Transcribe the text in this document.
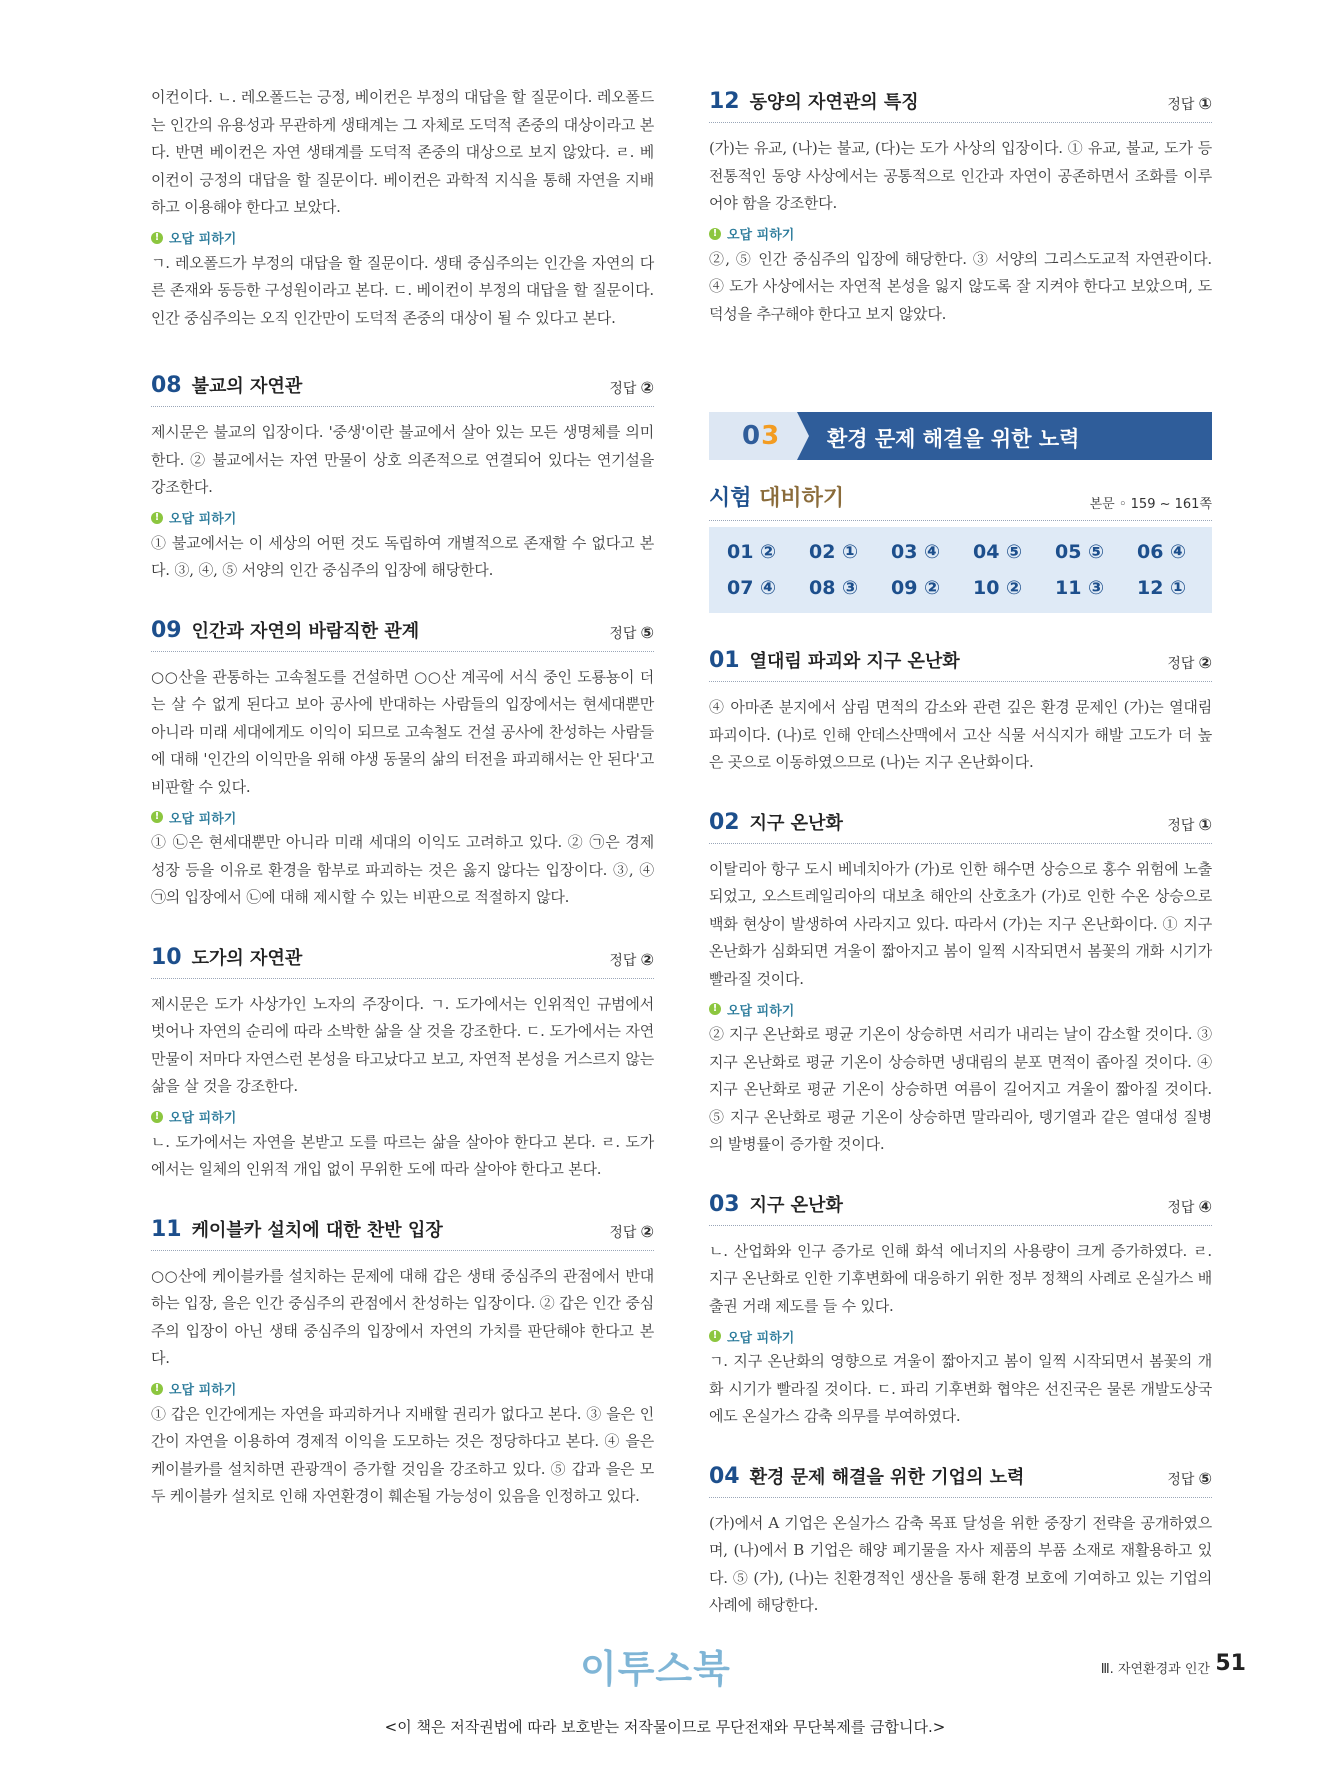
이컨이다. ㄴ. 레오폴드는 긍정, 베이컨은 부정의 대답을 할 질문이다. 레오폴드는 인간의 유용성과 무관하게 생태계는 그 자체로 도덕적 존중의 대상이라고 본다. 반면 베이컨은 자연 생태계를 도덕적 존중의 대상으로 보지 않았다. ㄹ. 베이컨이 긍정의 대답을 할 질문이다. 베이컨은 과학적 지식을 통해 자연을 지배하고 이용해야 한다고 보았다.

! 오답 피하기

ㄱ. 레오폴드가 부정의 대답을 할 질문이다. 생태 중심주의는 인간을 자연의 다른 존재와 동등한 구성원이라고 본다. ㄷ. 베이컨이 부정의 대답을 할 질문이다. 인간 중심주의는 오직 인간만이 도덕적 존중의 대상이 될 수 있다고 본다.

08 불교의 자연관	정답 ②

제시문은 불교의 입장이다. '중생'이란 불교에서 살아 있는 모든 생명체를 의미한다. ② 불교에서는 자연 만물이 상호 의존적으로 연결되어 있다는 연기설을 강조한다.

! 오답 피하기

① 불교에서는 이 세상의 어떤 것도 독립하여 개별적으로 존재할 수 없다고 본다. ③, ④, ⑤ 서양의 인간 중심주의 입장에 해당한다.

09 인간과 자연의 바람직한 관계	정답 ⑤

○○산을 관통하는 고속철도를 건설하면 ○○산 계곡에 서식 중인 도룡뇽이 더는 살 수 없게 된다고 보아 공사에 반대하는 사람들의 입장에서는 현세대뿐만 아니라 미래 세대에게도 이익이 되므로 고속철도 건설 공사에 찬성하는 사람들에 대해 '인간의 이익만을 위해 야생 동물의 삶의 터전을 파괴해서는 안 된다'고 비판할 수 있다.

! 오답 피하기

① ㉡은 현세대뿐만 아니라 미래 세대의 이익도 고려하고 있다. ② ㉠은 경제 성장 등을 이유로 환경을 함부로 파괴하는 것은 옳지 않다는 입장이다. ③, ④ ㉠의 입장에서 ㉡에 대해 제시할 수 있는 비판으로 적절하지 않다.

10 도가의 자연관	정답 ②

제시문은 도가 사상가인 노자의 주장이다. ㄱ. 도가에서는 인위적인 규범에서 벗어나 자연의 순리에 따라 소박한 삶을 살 것을 강조한다. ㄷ. 도가에서는 자연 만물이 저마다 자연스런 본성을 타고났다고 보고, 자연적 본성을 거스르지 않는 삶을 살 것을 강조한다.

! 오답 피하기

ㄴ. 도가에서는 자연을 본받고 도를 따르는 삶을 살아야 한다고 본다. ㄹ. 도가에서는 일체의 인위적 개입 없이 무위한 도에 따라 살아야 한다고 본다.

11 케이블카 설치에 대한 찬반 입장	정답 ②

○○산에 케이블카를 설치하는 문제에 대해 갑은 생태 중심주의 관점에서 반대하는 입장, 을은 인간 중심주의 관점에서 찬성하는 입장이다. ② 갑은 인간 중심주의 입장이 아닌 생태 중심주의 입장에서 자연의 가치를 판단해야 한다고 본다.

! 오답 피하기

① 갑은 인간에게는 자연을 파괴하거나 지배할 권리가 없다고 본다. ③ 을은 인간이 자연을 이용하여 경제적 이익을 도모하는 것은 정당하다고 본다. ④ 을은 케이블카를 설치하면 관광객이 증가할 것임을 강조하고 있다. ⑤ 갑과 을은 모두 케이블카 설치로 인해 자연환경이 훼손될 가능성이 있음을 인정하고 있다.

12 동양의 자연관의 특징	정답 ①

(가)는 유교, (나)는 불교, (다)는 도가 사상의 입장이다. ① 유교, 불교, 도가 등 전통적인 동양 사상에서는 공통적으로 인간과 자연이 공존하면서 조화를 이루어야 함을 강조한다.

! 오답 피하기

②, ⑤ 인간 중심주의 입장에 해당한다. ③ 서양의 그리스도교적 자연관이다. ④ 도가 사상에서는 자연적 본성을 잃지 않도록 잘 지켜야 한다고 보았으며, 도덕성을 추구해야 한다고 보지 않았다.

03 환경 문제 해결을 위한 노력
시험 대비하기	본문 ◦ 159 ~ 161쪽
01 ②	02 ①	03 ④	04 ⑤	05 ⑤	06 ④
07 ④	08 ③	09 ②	10 ②	11 ③	12 ①
01 열대림 파괴와 지구 온난화	정답 ②

④ 아마존 분지에서 삼림 면적의 감소와 관련 깊은 환경 문제인 (가)는 열대림 파괴이다. (나)로 인해 안데스산맥에서 고산 식물 서식지가 해발 고도가 더 높은 곳으로 이동하였으므로 (나)는 지구 온난화이다.

02 지구 온난화	정답 ①

이탈리아 항구 도시 베네치아가 (가)로 인한 해수면 상승으로 홍수 위험에 노출되었고, 오스트레일리아의 대보초 해안의 산호초가 (가)로 인한 수온 상승으로 백화 현상이 발생하여 사라지고 있다. 따라서 (가)는 지구 온난화이다. ① 지구 온난화가 심화되면 겨울이 짧아지고 봄이 일찍 시작되면서 봄꽃의 개화 시기가 빨라질 것이다.

! 오답 피하기

② 지구 온난화로 평균 기온이 상승하면 서리가 내리는 날이 감소할 것이다. ③ 지구 온난화로 평균 기온이 상승하면 냉대림의 분포 면적이 좁아질 것이다. ④ 지구 온난화로 평균 기온이 상승하면 여름이 길어지고 겨울이 짧아질 것이다. ⑤ 지구 온난화로 평균 기온이 상승하면 말라리아, 뎅기열과 같은 열대성 질병의 발병률이 증가할 것이다.

03 지구 온난화	정답 ④

ㄴ. 산업화와 인구 증가로 인해 화석 에너지의 사용량이 크게 증가하였다. ㄹ. 지구 온난화로 인한 기후변화에 대응하기 위한 정부 정책의 사례로 온실가스 배출권 거래 제도를 들 수 있다.

! 오답 피하기

ㄱ. 지구 온난화의 영향으로 겨울이 짧아지고 봄이 일찍 시작되면서 봄꽃의 개화 시기가 빨라질 것이다. ㄷ. 파리 기후변화 협약은 선진국은 물론 개발도상국에도 온실가스 감축 의무를 부여하였다.

04 환경 문제 해결을 위한 기업의 노력	정답 ⑤

(가)에서 A 기업은 온실가스 감축 목표 달성을 위한 중장기 전략을 공개하였으며, (나)에서 B 기업은 해양 폐기물을 자사 제품의 부품 소재로 재활용하고 있다. ⑤ (가), (나)는 친환경적인 생산을 통해 환경 보호에 기여하고 있는 기업의 사례에 해당한다.

이투스북	Ⅲ. 자연환경과 인간 51
<이 책은 저작권법에 따라 보호받는 저작물이므로 무단전재와 무단복제를 금합니다.>
